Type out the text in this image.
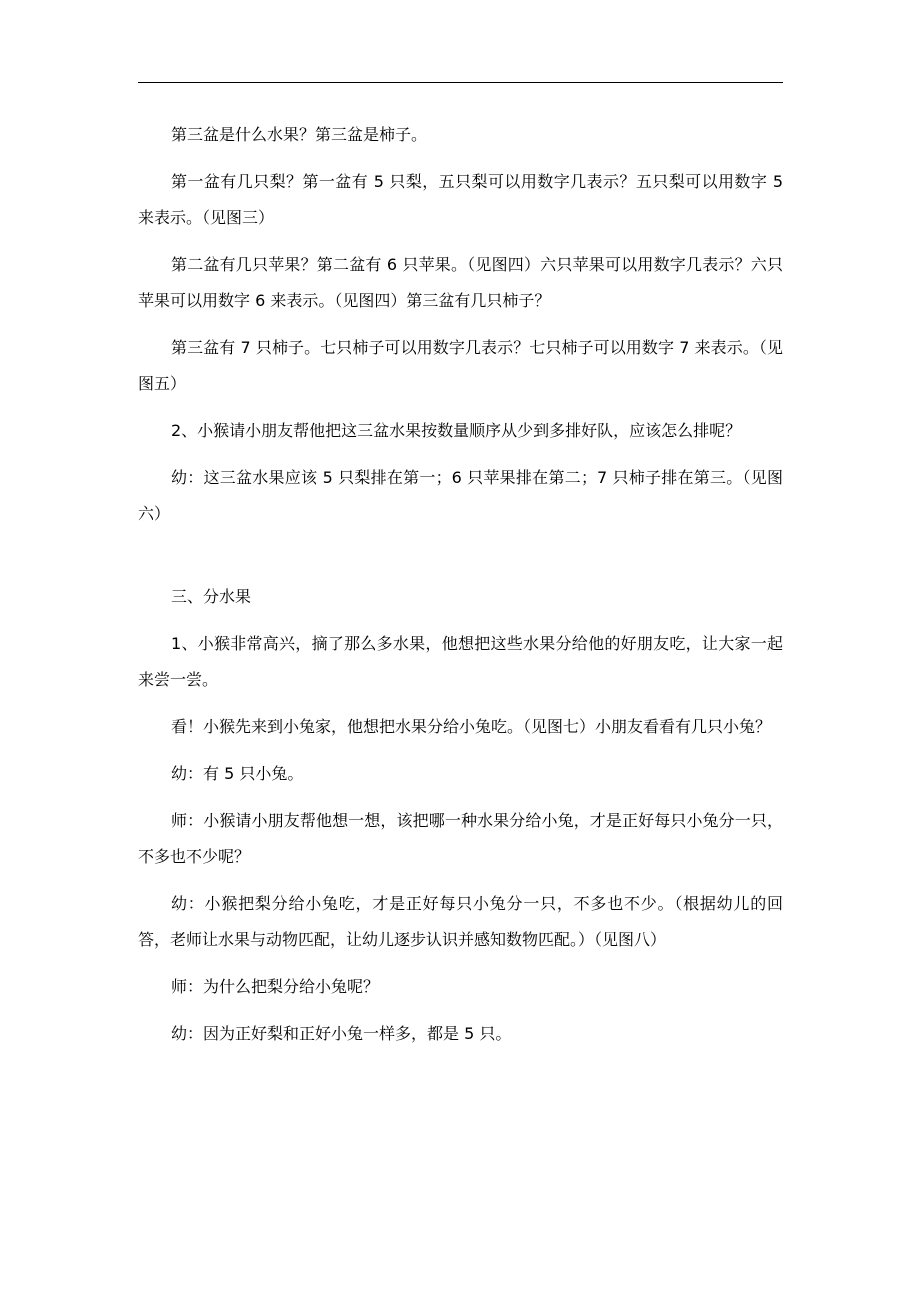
第三盆是什么水果？第三盆是柿子。

第一盆有几只梨？第一盆有 5 只梨，五只梨可以用数字几表示？五只梨可以用数字 5 来表示。（见图三）

第二盆有几只苹果？第二盆有 6 只苹果。（见图四）六只苹果可以用数字几表示？六只苹果可以用数字 6 来表示。（见图四）第三盆有几只柿子？

第三盆有 7 只柿子。七只柿子可以用数字几表示？七只柿子可以用数字 7 来表示。（见图五）

2、小猴请小朋友帮他把这三盆水果按数量顺序从少到多排好队，应该怎么排呢？

幼：这三盆水果应该 5 只梨排在第一；6 只苹果排在第二；7 只柿子排在第三。（见图六）

三、分水果

1、小猴非常高兴，摘了那么多水果，他想把这些水果分给他的好朋友吃，让大家一起来尝一尝。

看！小猴先来到小兔家，他想把水果分给小兔吃。（见图七）小朋友看看有几只小兔？

幼：有 5 只小兔。

师：小猴请小朋友帮他想一想，该把哪一种水果分给小兔，才是正好每只小兔分一只，不多也不少呢？

幼：小猴把梨分给小兔吃，才是正好每只小兔分一只，不多也不少。（根据幼儿的回答，老师让水果与动物匹配，让幼儿逐步认识并感知数物匹配。）（见图八）

师：为什么把梨分给小兔呢？

幼：因为正好梨和正好小兔一样多，都是 5 只。
